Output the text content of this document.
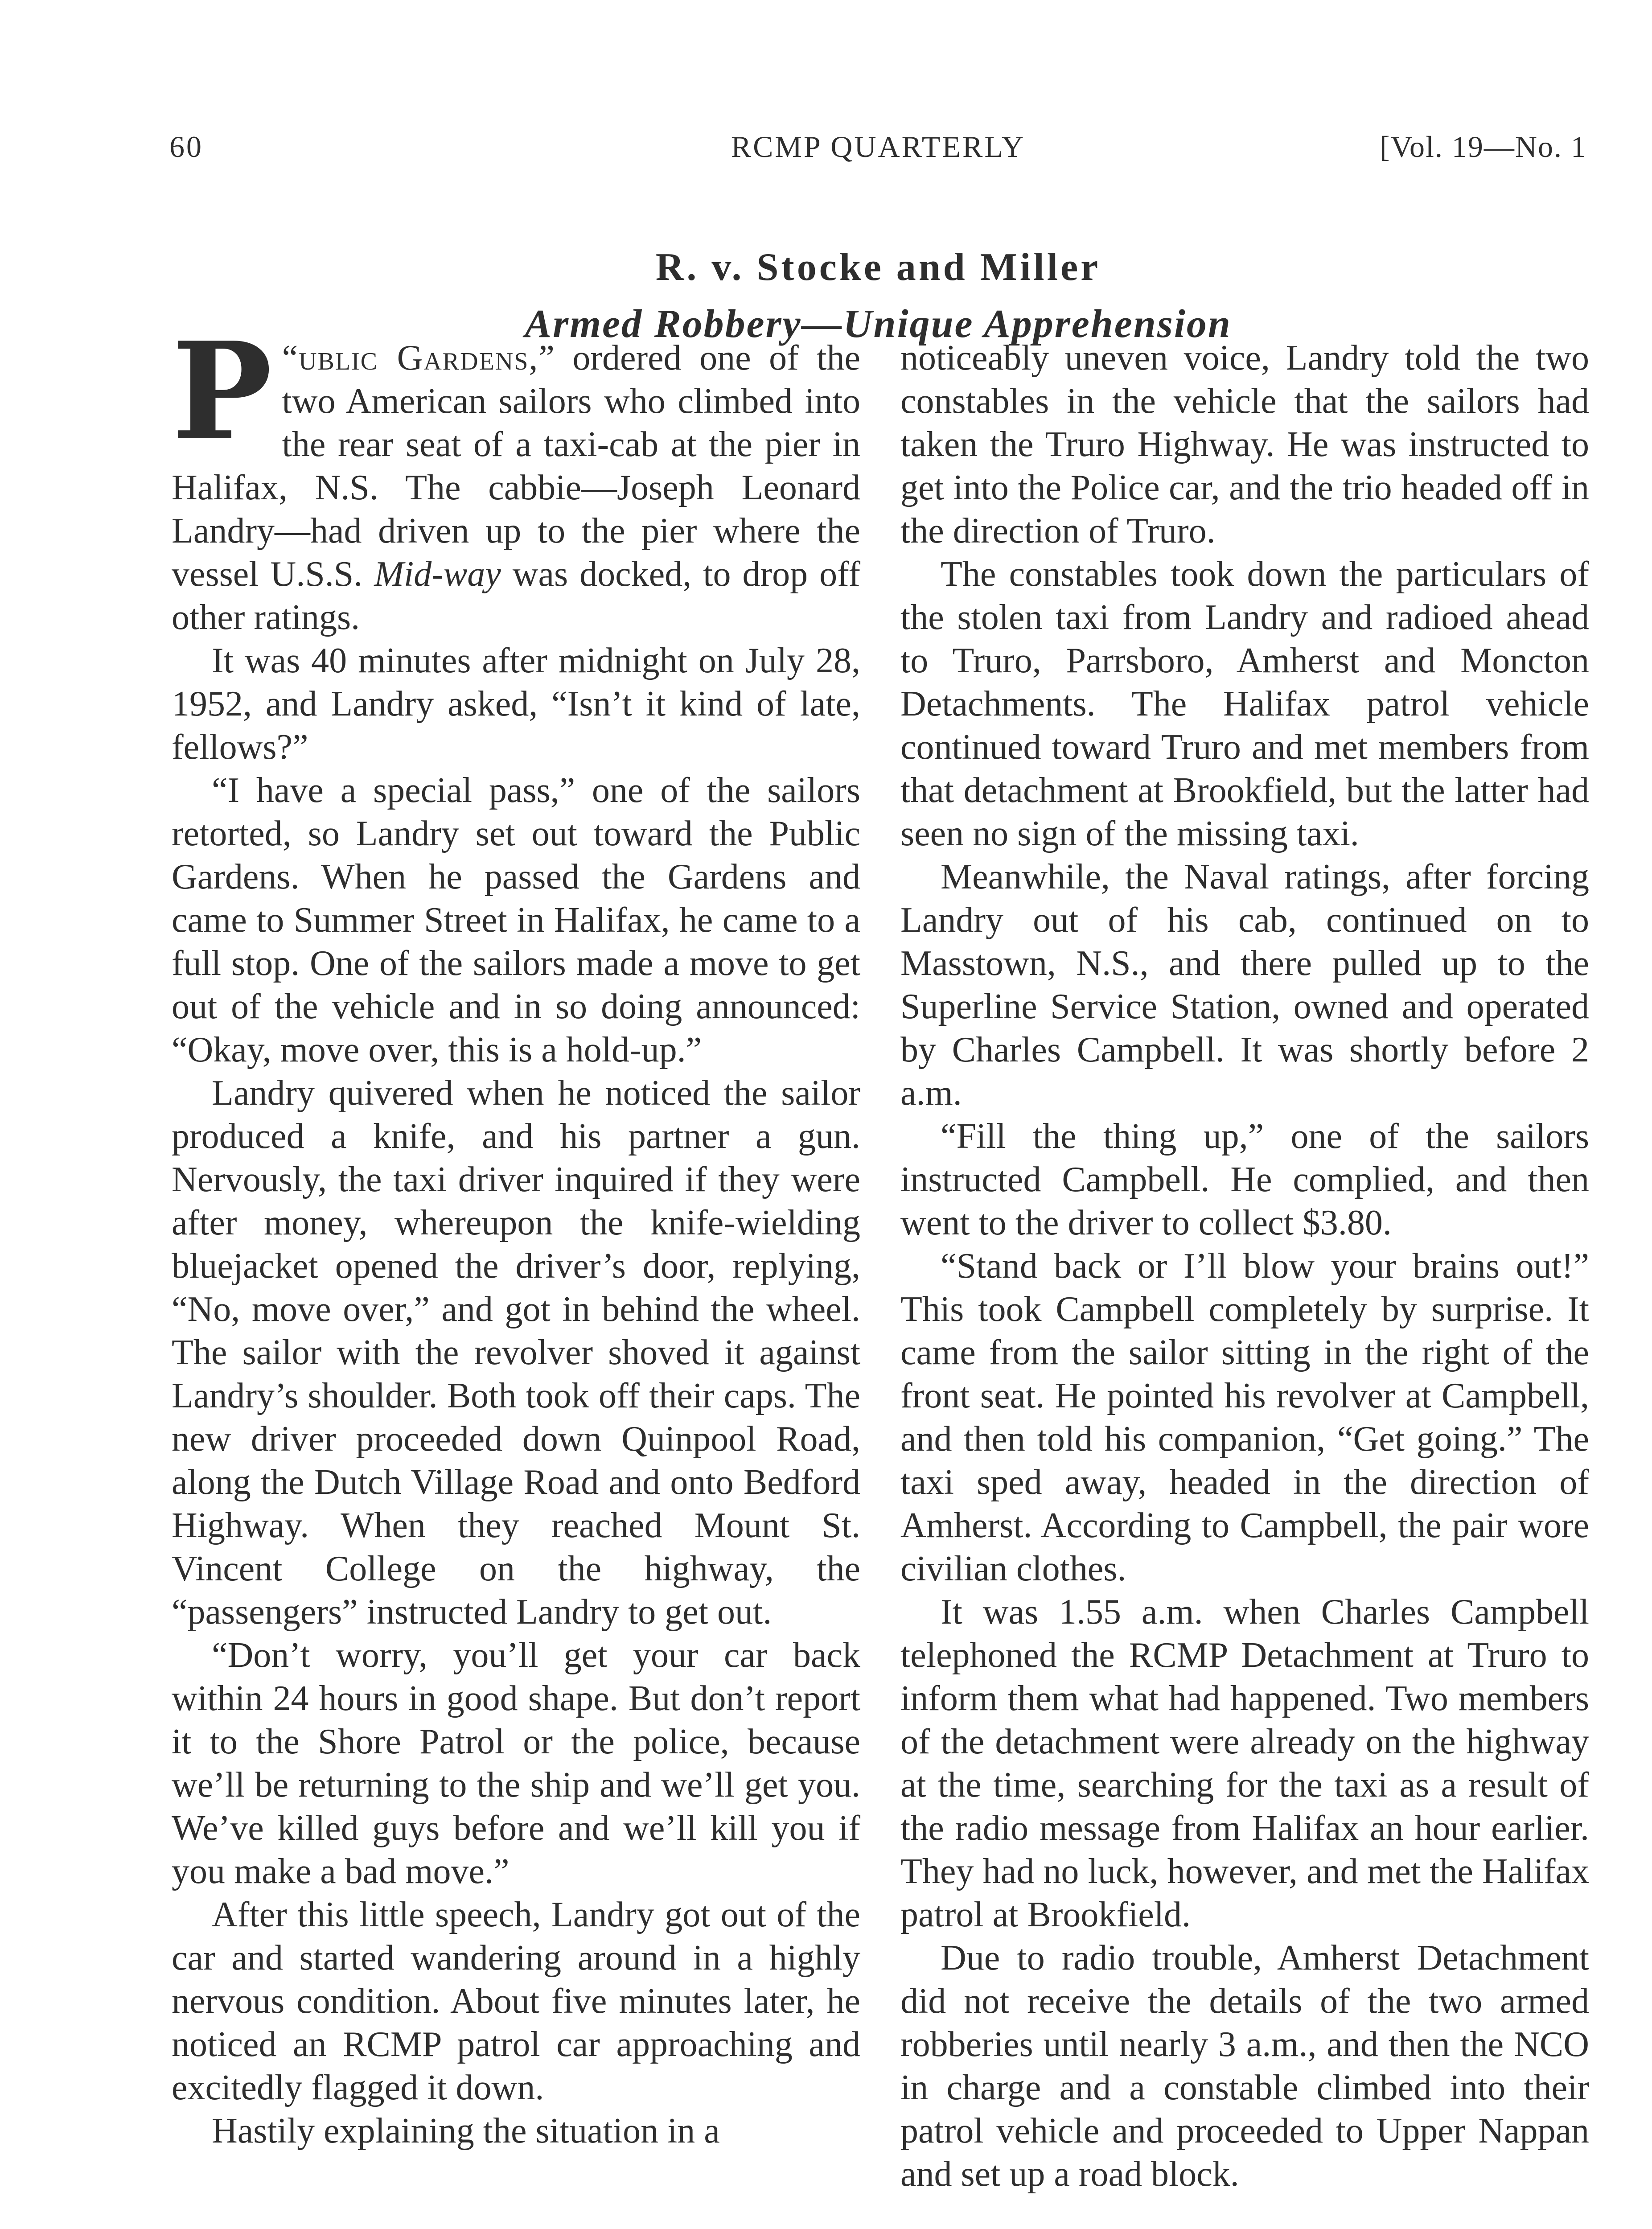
60	RCMP QUARTERLY	[Vol. 19—No. 1
R. v. Stocke and Miller
Armed Robbery—Unique Apprehension

“
P ublic Gardens,” ordered one of the two American sailors who climbed into the rear seat of a taxi-cab at the pier in Halifax, N.S. The cabbie—Joseph Leonard Landry—had driven up to the pier where the vessel U.S.S. Mid-way was docked, to drop off other ratings.

It was 40 minutes after midnight on July 28, 1952, and Landry asked, “Isn’t it kind of late, fellows?”

“I have a special pass,” one of the sailors retorted, so Landry set out toward the Public Gardens. When he passed the Gardens and came to Summer Street in Halifax, he came to a full stop. One of the sailors made a move to get out of the vehicle and in so doing announced: “Okay, move over, this is a hold-up.”

Landry quivered when he noticed the sailor produced a knife, and his partner a gun. Nervously, the taxi driver inquired if they were after money, whereupon the knife-wielding bluejacket opened the driver’s door, replying, “No, move over,” and got in behind the wheel. The sailor with the revolver shoved it against Landry’s shoulder. Both took off their caps. The new driver proceeded down Quinpool Road, along the Dutch Village Road and onto Bedford Highway. When they reached Mount St. Vincent College on the highway, the “passengers” instructed Landry to get out.

“Don’t worry, you’ll get your car back within 24 hours in good shape. But don’t report it to the Shore Patrol or the police, because we’ll be returning to the ship and we’ll get you. We’ve killed guys before and we’ll kill you if you make a bad move.”

After this little speech, Landry got out of the car and started wandering around in a highly nervous condition. About five minutes later, he noticed an RCMP patrol car approaching and excitedly flagged it down.

Hastily explaining the situation in a

noticeably uneven voice, Landry told the two constables in the vehicle that the sailors had taken the Truro Highway. He was instructed to get into the Police car, and the trio headed off in the direction of Truro.

The constables took down the particulars of the stolen taxi from Landry and radioed ahead to Truro, Parrsboro, Amherst and Moncton Detachments. The Halifax patrol vehicle continued toward Truro and met members from that detachment at Brookfield, but the latter had seen no sign of the missing taxi.

Meanwhile, the Naval ratings, after forcing Landry out of his cab, continued on to Masstown, N.S., and there pulled up to the Superline Service Station, owned and operated by Charles Campbell. It was shortly before 2 a.m.

“Fill the thing up,” one of the sailors instructed Campbell. He complied, and then went to the driver to collect $3.80.

“Stand back or I’ll blow your brains out!” This took Campbell completely by surprise. It came from the sailor sitting in the right of the front seat. He pointed his revolver at Campbell, and then told his companion, “Get going.” The taxi sped away, headed in the direction of Amherst. According to Campbell, the pair wore civilian clothes.

It was 1.55 a.m. when Charles Campbell telephoned the RCMP Detachment at Truro to inform them what had happened. Two members of the detachment were already on the highway at the time, searching for the taxi as a result of the radio message from Halifax an hour earlier. They had no luck, however, and met the Halifax patrol at Brookfield.

Due to radio trouble, Amherst Detachment did not receive the details of the two armed robberies until nearly 3 a.m., and then the NCO in charge and a constable climbed into their patrol vehicle and proceeded to Upper Nappan and set up a road block.
